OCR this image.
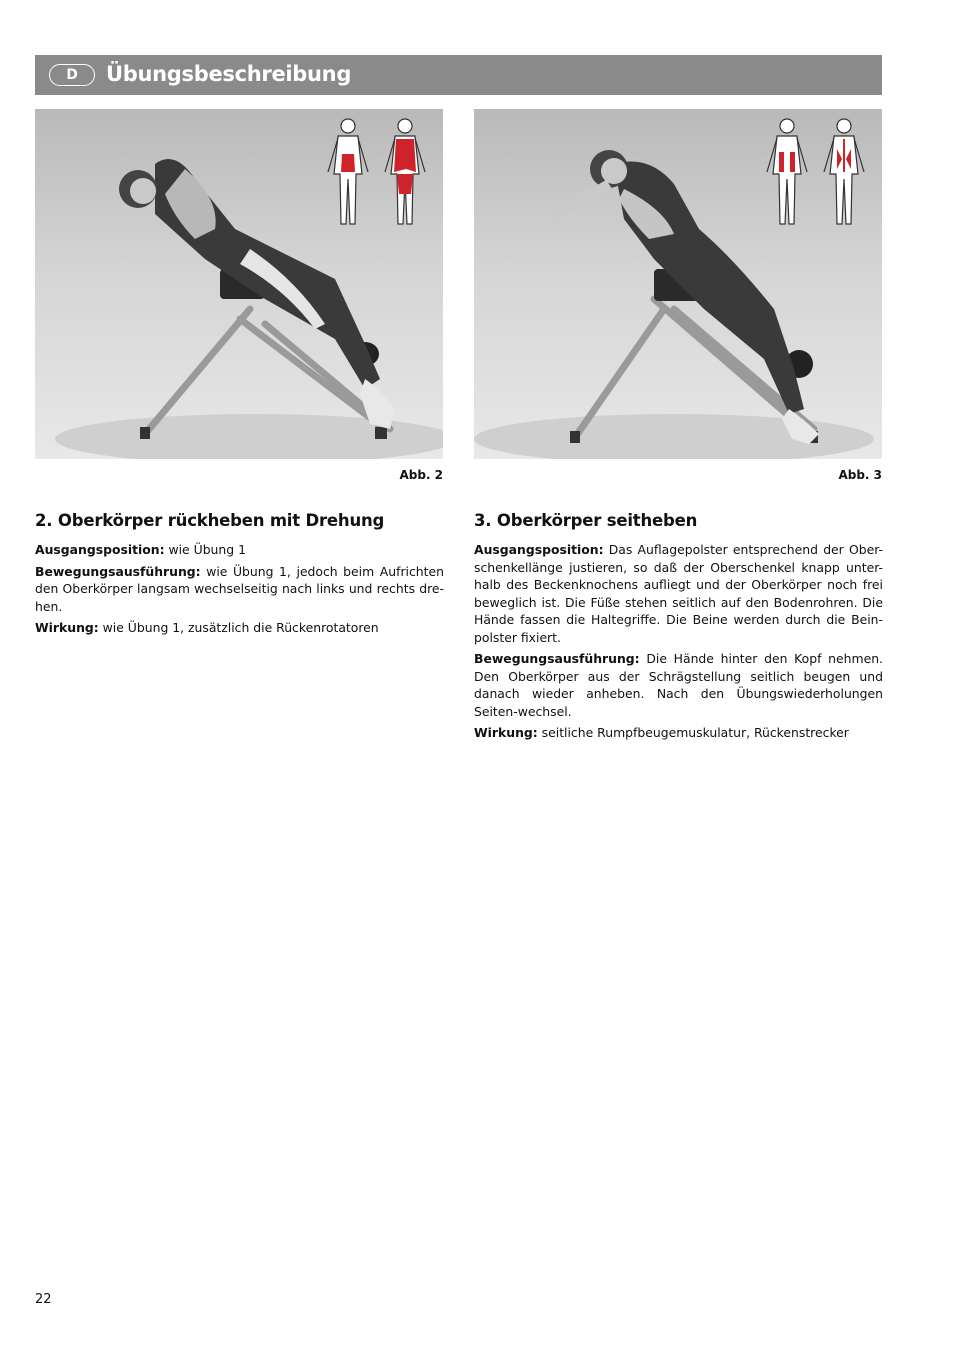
D	Übungsbeschreibung
Abb. 2	Abb. 3
2. Oberkörper rückheben mit Drehung

Ausgangsposition: wie Übung 1

Bewegungsausführung: wie Übung 1, jedoch beim Aufrichten den Oberkörper langsam wechselseitig nach links und rechts dre-hen.

Wirkung: wie Übung 1, zusätzlich die Rückenrotatoren

3. Oberkörper seitheben

Ausgangsposition: Das Auflagepolster entsprechend der Ober-schenkellänge justieren, so daß der Oberschenkel knapp unter-halb des Beckenknochens aufliegt und der Oberkörper noch frei beweglich ist. Die Füße stehen seitlich auf den Bodenrohren. Die Hände fassen die Haltegriffe. Die Beine werden durch die Bein-polster fixiert.

Bewegungsausführung: Die Hände hinter den Kopf nehmen. Den Oberkörper aus der Schrägstellung seitlich beugen und danach wieder anheben. Nach den Übungswiederholungen Seiten-wechsel.

Wirkung: seitliche Rumpfbeugemuskulatur, Rückenstrecker

22
